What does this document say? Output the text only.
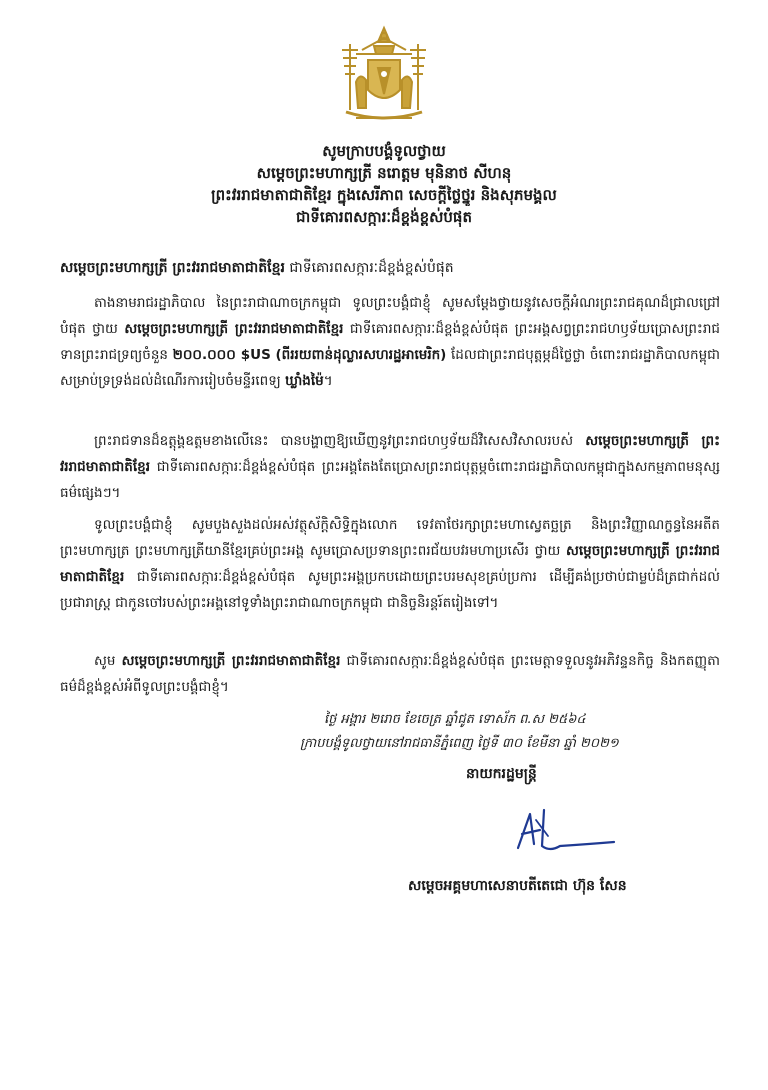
សូមក្រាបបង្គំទូលថ្វាយ
សម្តេចព្រះមហាក្សត្រី នរោត្តម មុនិនាថ សីហនុ
ព្រះវររាជមាតាជាតិខ្មែរ ក្នុងសេរីភាព សេចក្តីថ្លៃថ្នូរ និងសុភមង្គល
ជាទីគោរពសក្ការៈដ៏ខ្ពង់ខ្ពស់បំផុត
សម្តេចព្រះមហាក្សត្រី ព្រះវររាជមាតាជាតិខ្មែរ ជាទីគោរពសក្ការៈដ៏ខ្ពង់ខ្ពស់បំផុត
តាងនាមរាជរដ្ឋាភិបាល នៃព្រះរាជាណាចក្រកម្ពុជា ទូលព្រះបង្គំជាខ្ញុំ សូមសម្តែងថ្វាយនូវសេចក្តីអំណរព្រះរាជគុណដ៏ជ្រាលជ្រៅបំផុត ថ្វាយ សម្តេចព្រះមហាក្សត្រី ព្រះវររាជមាតាជាតិខ្មែរ ជាទីគោរពសក្ការៈដ៏ខ្ពង់ខ្ពស់បំផុត ព្រះអង្គសព្វព្រះរាជហឫទ័យប្រោសព្រះរាជទានព្រះរាជទ្រព្យចំនួន ២០០.០០០ $US (ពីររយពាន់ដុល្លារសហរដ្ឋអាមេរិក) ដែលជាព្រះរាជបុត្តម្ភដ៏ថ្លៃថ្លា ចំពោះរាជរដ្ឋាភិបាលកម្ពុជា សម្រាប់ទ្រទ្រង់ដល់ដំណើរការរៀបចំមន្ទីរពេទ្យ ឃ្លាំងម៉ៃ។
ព្រះរាជទានដ៏ឧត្តុង្គឧត្តមខាងលើនេះ បានបង្ហាញឱ្យឃើញនូវព្រះរាជហឫទ័យដ៏វិសេសវិសាលរបស់ សម្តេចព្រះមហាក្សត្រី ព្រះវររាជមាតាជាតិខ្មែរ ជាទីគោរពសក្ការៈដ៏ខ្ពង់ខ្ពស់បំផុត ព្រះអង្គតែងតែប្រោសព្រះរាជបុត្តម្ភចំពោះរាជរដ្ឋាភិបាលកម្ពុជាក្នុងសកម្មភាពមនុស្សធម៌ផ្សេងៗ។
ទូលព្រះបង្គំជាខ្ញុំ សូមបួងសួងដល់អស់វត្ថុស័ក្តិសិទ្ធិក្នុងលោក ទេវតាថែរក្សាព្រះមហាស្វេតច្ឆត្រ និងព្រះវិញ្ញាណក្ខន្ធនៃអតីតព្រះមហាក្សត្រ ព្រះមហាក្សត្រីយានីខ្មែរគ្រប់ព្រះអង្គ សូមប្រោសប្រទានព្រះពរជ័យបវរមហាប្រសើរ ថ្វាយ សម្តេចព្រះមហាក្សត្រី ព្រះវររាជមាតាជាតិខ្មែរ ជាទីគោរពសក្ការៈដ៏ខ្ពង់ខ្ពស់បំផុត សូមព្រះអង្គប្រកបដោយព្រះបរមសុខគ្រប់ប្រការ ដើម្បីគង់ប្រថាប់ជាម្លប់ដ៏ត្រជាក់ដល់ប្រជារាស្ត្រ ជាកូនចៅរបស់ព្រះអង្គនៅទូទាំងព្រះរាជាណាចក្រកម្ពុជា ជានិច្ចនិរន្តរ៍តរៀងទៅ។
សូម សម្តេចព្រះមហាក្សត្រី ព្រះវររាជមាតាជាតិខ្មែរ ជាទីគោរពសក្ការៈដ៏ខ្ពង់ខ្ពស់បំផុត ព្រះមេត្តាទទួលនូវអភិវន្ទនកិច្ច និងកតញ្ញុតាធម៌ដ៏ខ្ពង់ខ្ពស់អំពីទូលព្រះបង្គំជាខ្ញុំ។
ថ្ងៃ អង្គារ ២រោច ខែចេត្រ ឆ្នាំជូត ទោស័ក ព.ស ២៥៦៤
ក្រាបបង្គំទូលថ្វាយនៅរាជធានីភ្នំពេញ ថ្ងៃទី ៣០ ខែមីនា ឆ្នាំ ២០២១
នាយករដ្ឋមន្ត្រី
សម្តេចអគ្គមហាសេនាបតីតេជោ ហ៊ុន សែន
